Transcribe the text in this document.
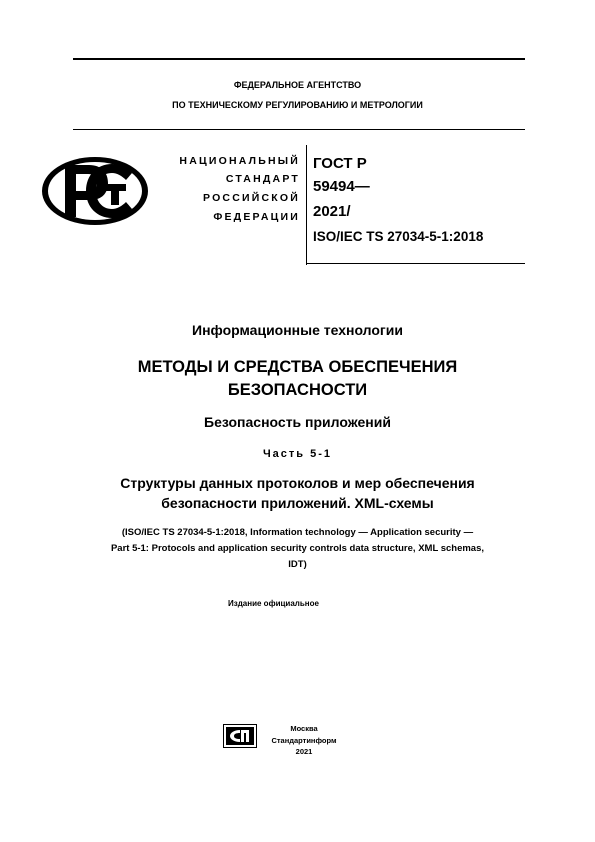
ФЕДЕРАЛЬНОЕ АГЕНТСТВО
ПО ТЕХНИЧЕСКОМУ РЕГУЛИРОВАНИЮ И МЕТРОЛОГИИ
НАЦИОНАЛЬНЫЙ
СТАНДАРТ
РОССИЙСКОЙ
ФЕДЕРАЦИИ
ГОСТ Р
59494—
2021/
ISO/IEC TS 27034-5-1:2018
Информационные технологии
МЕТОДЫ И СРЕДСТВА ОБЕСПЕЧЕНИЯ
БЕЗОПАСНОСТИ
Безопасность приложений
Часть 5-1
Структуры данных протоколов и мер обеспечения
безопасности приложений. XML-схемы
(ISO/IEC TS 27034-5-1:2018, Information technology — Application security —
Part 5-1: Protocols and application security controls data structure, XML schemas,
IDT)
Издание официальное
Москва
Стандартинформ
2021
